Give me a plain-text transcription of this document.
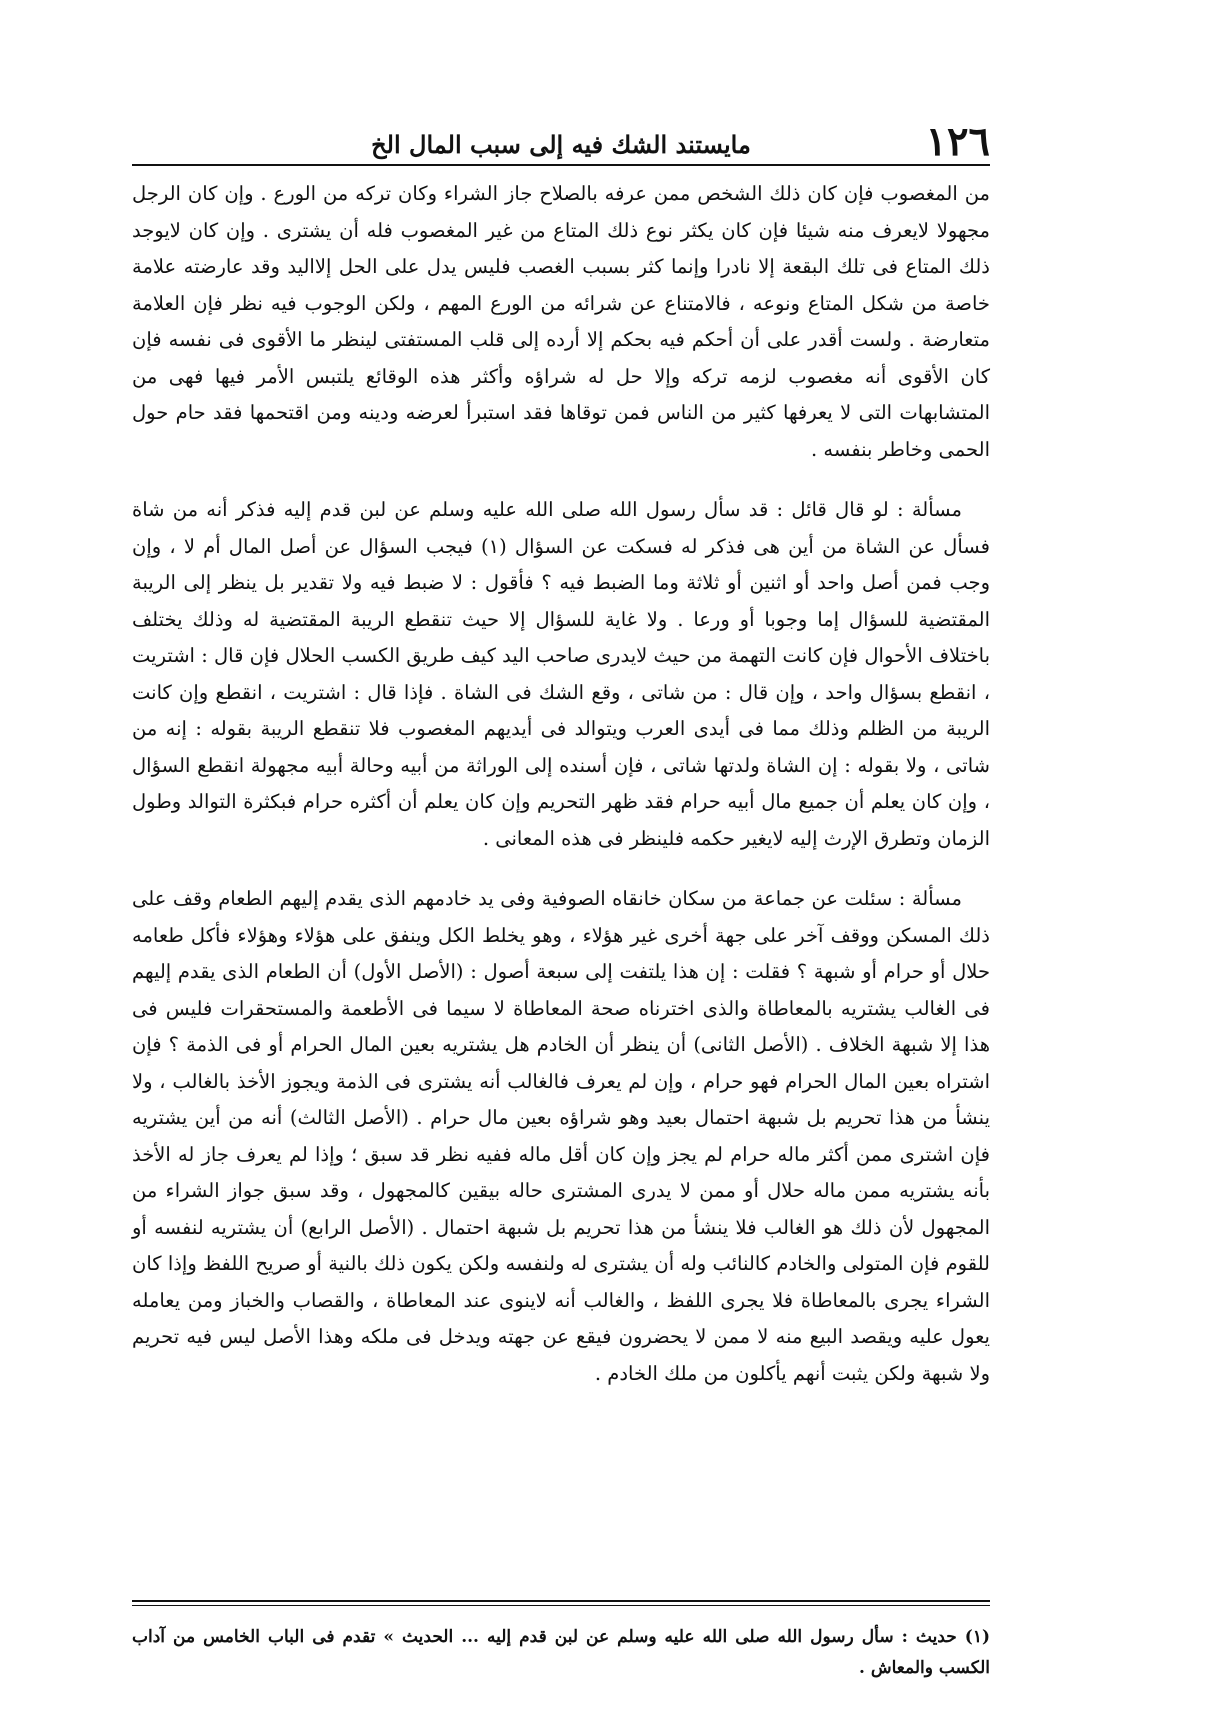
١٢٦
مايستند الشك فيه إلى سبب المال الخ

من المغصوب فإن كان ذلك الشخص ممن عرفه بالصلاح جاز الشراء وكان تركه من الورع . وإن كان الرجل مجهولا لايعرف منه شيئا فإن كان يكثر نوع ذلك المتاع من غير المغصوب فله أن يشترى . وإن كان لايوجد ذلك المتاع فى تلك البقعة إلا نادرا وإنما كثر بسبب الغصب فليس يدل على الحل إلااليد وقد عارضته علامة خاصة من شكل المتاع ونوعه ، فالامتناع عن شرائه من الورع المهم ، ولكن الوجوب فيه نظر فإن العلامة متعارضة . ولست أقدر على أن أحكم فيه بحكم إلا أرده إلى قلب المستفتى لينظر ما الأقوى فى نفسه فإن كان الأقوى أنه مغصوب لزمه تركه وإلا حل له شراؤه وأكثر هذه الوقائع يلتبس الأمر فيها فهى من المتشابهات التى لا يعرفها كثير من الناس فمن توقاها فقد استبرأ لعرضه ودينه ومن اقتحمها فقد حام حول الحمى وخاطر بنفسه .

مسألة : لو قال قائل : قد سأل رسول الله صلى الله عليه وسلم عن لبن قدم إليه فذكر أنه من شاة فسأل عن الشاة من أين هى فذكر له فسكت عن السؤال (١) فيجب السؤال عن أصل المال أم لا ، وإن وجب فمن أصل واحد أو اثنين أو ثلاثة وما الضبط فيه ؟ فأقول : لا ضبط فيه ولا تقدير بل ينظر إلى الريبة المقتضية للسؤال إما وجوبا أو ورعا . ولا غاية للسؤال إلا حيث تنقطع الريبة المقتضية له وذلك يختلف باختلاف الأحوال فإن كانت التهمة من حيث لايدرى صاحب اليد كيف طريق الكسب الحلال فإن قال : اشتريت ، انقطع بسؤال واحد ، وإن قال : من شاتى ، وقع الشك فى الشاة . فإذا قال : اشتريت ، انقطع وإن كانت الريبة من الظلم وذلك مما فى أيدى العرب ويتوالد فى أيديهم المغصوب فلا تنقطع الريبة بقوله : إنه من شاتى ، ولا بقوله : إن الشاة ولدتها شاتى ، فإن أسنده إلى الوراثة من أبيه وحالة أبيه مجهولة انقطع السؤال ، وإن كان يعلم أن جميع مال أبيه حرام فقد ظهر التحريم وإن كان يعلم أن أكثره حرام فبكثرة التوالد وطول الزمان وتطرق الإرث إليه لايغير حكمه فلينظر فى هذه المعانى .

مسألة : سئلت عن جماعة من سكان خانقاه الصوفية وفى يد خادمهم الذى يقدم إليهم الطعام وقف على ذلك المسكن ووقف آخر على جهة أخرى غير هؤلاء ، وهو يخلط الكل وينفق على هؤلاء وهؤلاء فأكل طعامه حلال أو حرام أو شبهة ؟ فقلت : إن هذا يلتفت إلى سبعة أصول : (الأصل الأول) أن الطعام الذى يقدم إليهم فى الغالب يشتريه بالمعاطاة والذى اخترناه صحة المعاطاة لا سيما فى الأطعمة والمستحقرات فليس فى هذا إلا شبهة الخلاف . (الأصل الثانى) أن ينظر أن الخادم هل يشتريه بعين المال الحرام أو فى الذمة ؟ فإن اشتراه بعين المال الحرام فهو حرام ، وإن لم يعرف فالغالب أنه يشترى فى الذمة ويجوز الأخذ بالغالب ، ولا ينشأ من هذا تحريم بل شبهة احتمال بعيد وهو شراؤه بعين مال حرام . (الأصل الثالث) أنه من أين يشتريه فإن اشترى ممن أكثر ماله حرام لم يجز وإن كان أقل ماله ففيه نظر قد سبق ؛ وإذا لم يعرف جاز له الأخذ بأنه يشتريه ممن ماله حلال أو ممن لا يدرى المشترى حاله بيقين كالمجهول ، وقد سبق جواز الشراء من المجهول لأن ذلك هو الغالب فلا ينشأ من هذا تحريم بل شبهة احتمال . (الأصل الرابع) أن يشتريه لنفسه أو للقوم فإن المتولى والخادم كالنائب وله أن يشترى له ولنفسه ولكن يكون ذلك بالنية أو صريح اللفظ وإذا كان الشراء يجرى بالمعاطاة فلا يجرى اللفظ ، والغالب أنه لاينوى عند المعاطاة ، والقصاب والخباز ومن يعامله يعول عليه ويقصد البيع منه لا ممن لا يحضرون فيقع عن جهته ويدخل فى ملكه وهذا الأصل ليس فيه تحريم ولا شبهة ولكن يثبت أنهم يأكلون من ملك الخادم .

(١) حديث : سأل رسول الله صلى الله عليه وسلم عن لبن قدم إليه ... الحديث » تقدم فى الباب الخامس من آداب الكسب والمعاش .
